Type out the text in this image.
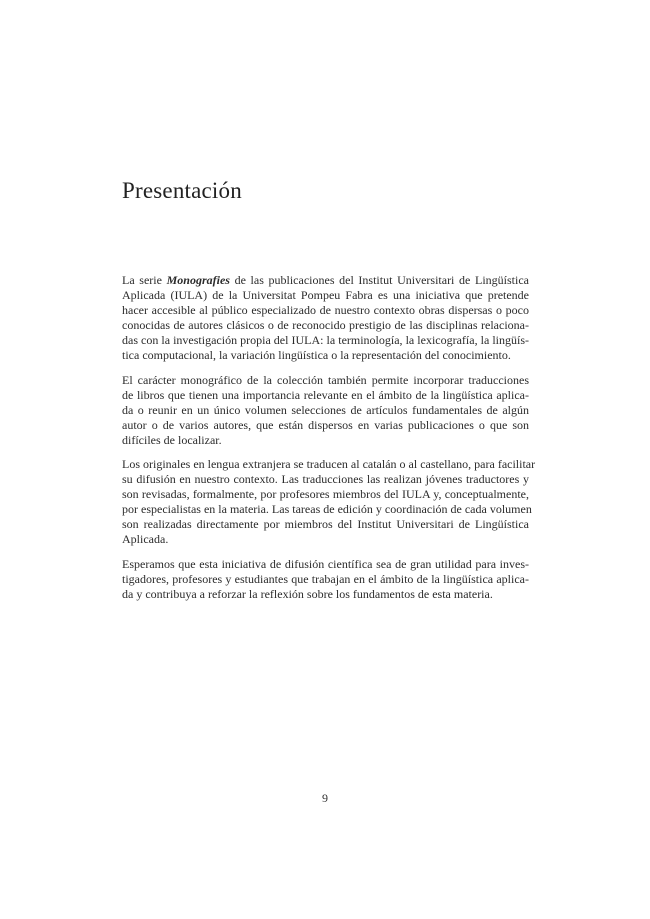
Presentación

La serie Monografies de las publicaciones del Institut Universitari de Lingüística
Aplicada (IULA) de la Universitat Pompeu Fabra es una iniciativa que pretende
hacer accesible al público especializado de nuestro contexto obras dispersas o poco
conocidas de autores clásicos o de reconocido prestigio de las disciplinas relaciona-
das con la investigación propia del IULA: la terminología, la lexicografía, la lingüís-
tica computacional, la variación lingüística o la representación del conocimiento.

El carácter monográfico de la colección también permite incorporar traducciones
de libros que tienen una importancia relevante en el ámbito de la lingüística aplica-
da o reunir en un único volumen selecciones de artículos fundamentales de algún
autor o de varios autores, que están dispersos en varias publicaciones o que son
difíciles de localizar.

Los originales en lengua extranjera se traducen al catalán o al castellano, para facilitar
su difusión en nuestro contexto. Las traducciones las realizan jóvenes traductores y
son revisadas, formalmente, por profesores miembros del IULA y, conceptualmente,
por especialistas en la materia. Las tareas de edición y coordinación de cada volumen
son realizadas directamente por miembros del Institut Universitari de Lingüística
Aplicada.

Esperamos que esta iniciativa de difusión científica sea de gran utilidad para inves-
tigadores, profesores y estudiantes que trabajan en el ámbito de la lingüística aplica-
da y contribuya a reforzar la reflexión sobre los fundamentos de esta materia.

9
